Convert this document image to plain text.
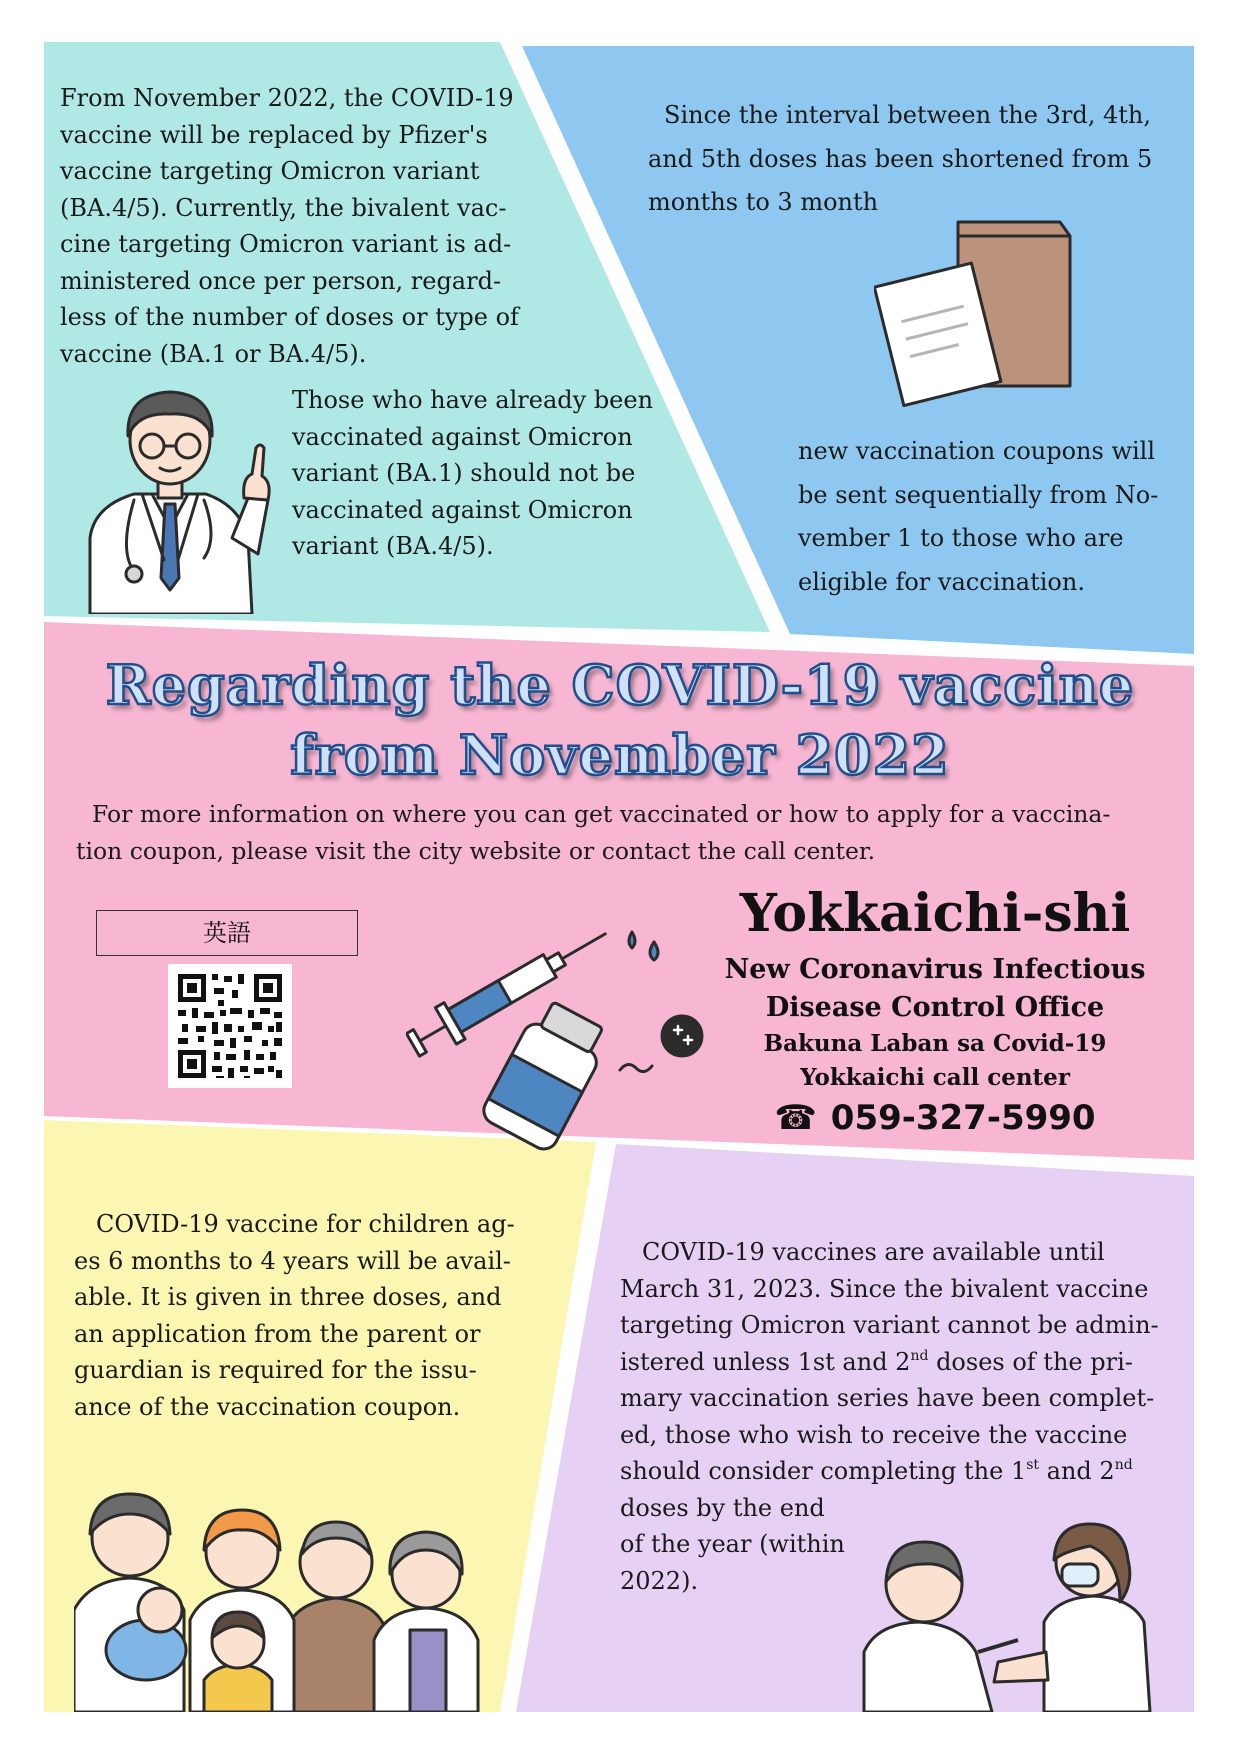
From November 2022, the COVID-19
vaccine will be replaced by Pfizer's
vaccine targeting Omicron variant
(BA.4/5). Currently, the bivalent vac-
cine targeting Omicron variant is ad-
ministered once per person, regard-
less of the number of doses or type of
vaccine (BA.1 or BA.4/5).
Those who have already been
vaccinated against Omicron
variant (BA.1) should not be
vaccinated against Omicron
variant (BA.4/5).
Since the interval between the 3rd, 4th,
and 5th doses has been shortened from 5
months to 3 month
new vaccination coupons will
be sent sequentially from No-
vember 1 to those who are
eligible for vaccination.
Regarding the COVID-19 vaccine
from November 2022
For more information on where you can get vaccinated or how to apply for a vaccina-
tion coupon, please visit the city website or contact the call center.
英語	Yokkaichi-shi
New Coronavirus Infectious
Disease Control Office
Bakuna Laban sa Covid-19
Yokkaichi call center
☎ 059-327-5990
COVID-19 vaccine for children ag-
es 6 months to 4 years will be avail-
able. It is given in three doses, and
an application from the parent or
guardian is required for the issu-
ance of the vaccination coupon.
COVID-19 vaccines are available until
March 31, 2023. Since the bivalent vaccine
targeting Omicron variant cannot be admin-
istered unless 1st and 2nd doses of the pri-
mary vaccination series have been complet-
ed, those who wish to receive the vaccine
should consider completing the 1st and 2nd
doses by the end
of the year (within
2022).
